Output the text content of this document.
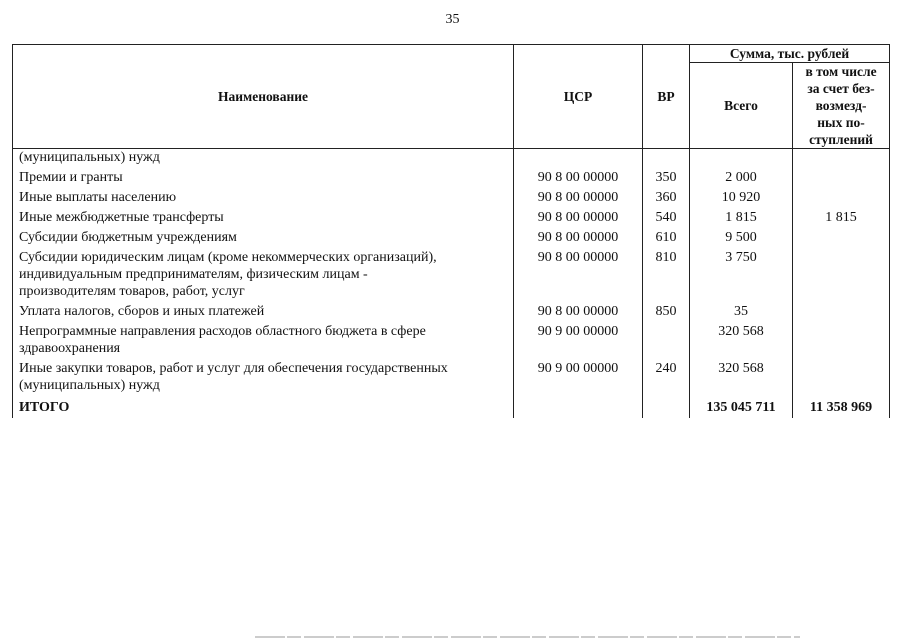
35
Наименование	ЦСР	ВР	Сумма, тыс. рублей	
			Всего	в том числе
за счет без-
возмезд-
ных по-
ступлений
(муниципальных) нужд				
Премии и гранты	90 8 00 00000	350	2 000	
Иные выплаты населению	90 8 00 00000	360	10 920	
Иные межбюджетные трансферты	90 8 00 00000	540	1 815	1 815
Субсидии бюджетным учреждениям	90 8 00 00000	610	9 500	
Субсидии юридическим лицам (кроме некоммерческих организаций),
индивидуальным предпринимателям, физическим лицам -
производителям товаров, работ, услуг	90 8 00 00000	810	3 750	
Уплата налогов, сборов и иных платежей	90 8 00 00000	850	35	
Непрограммные направления расходов областного бюджета в сфере
здравоохранения	90 9 00 00000		320 568	
Иные закупки товаров, работ и услуг для обеспечения государственных
(муниципальных) нужд	90 9 00 00000	240	320 568	
ИТОГО			135 045 711	11 358 969
